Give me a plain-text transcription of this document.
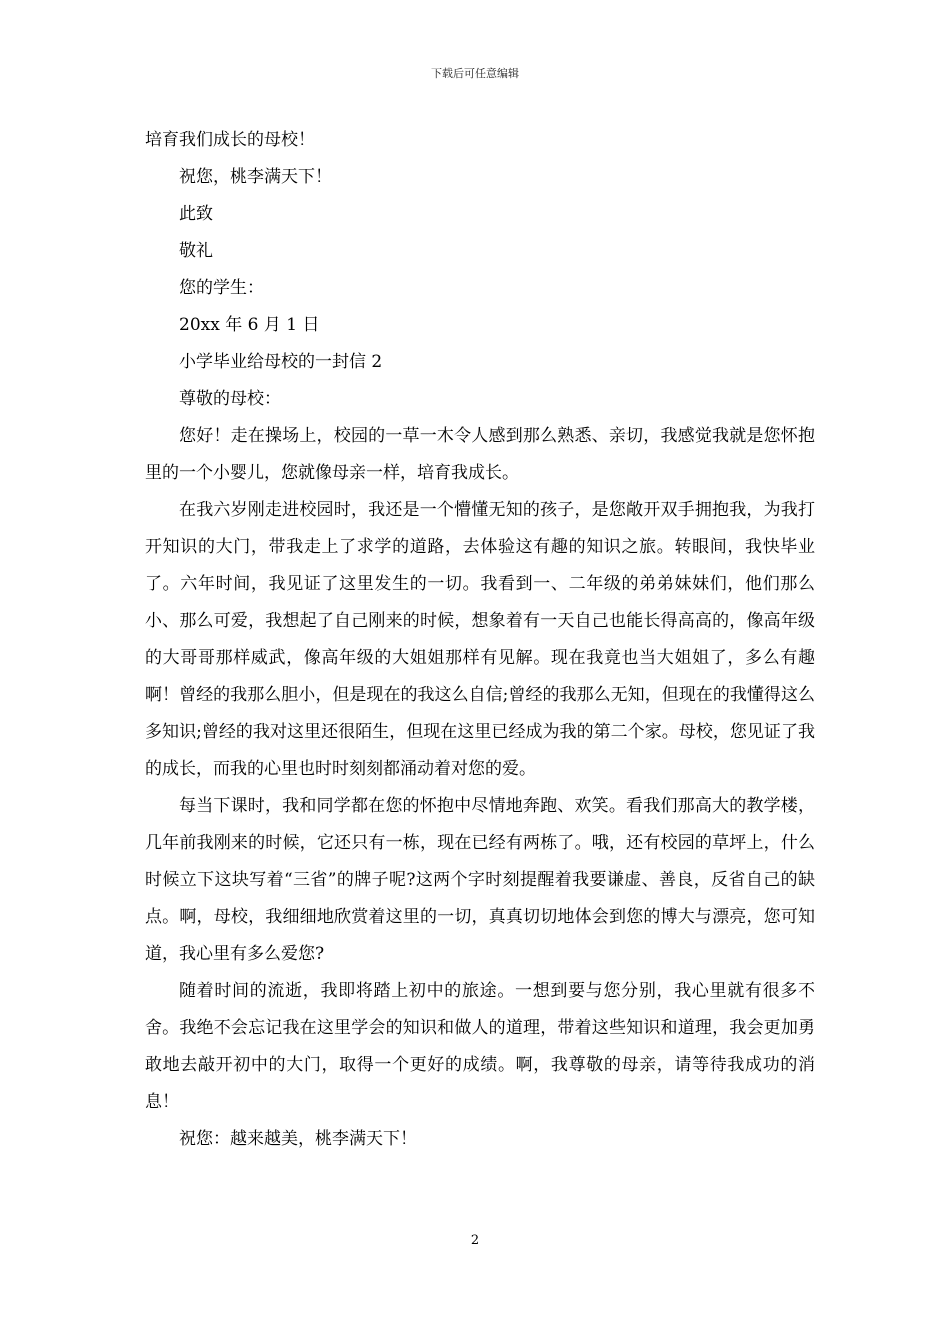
下载后可任意编辑

培育我们成长的母校！

祝您，桃李满天下！

此致

敬礼

您的学生：

20xx 年 6 月 1 日

小学毕业给母校的一封信 2

尊敬的母校：

您好！走在操场上，校园的一草一木令人感到那么熟悉、亲切，我感觉我就是您怀抱里的一个小婴儿，您就像母亲一样，培育我成长。

在我六岁刚走进校园时，我还是一个懵懂无知的孩子，是您敞开双手拥抱我，为我打开知识的大门，带我走上了求学的道路，去体验这有趣的知识之旅。转眼间，我快毕业了。六年时间，我见证了这里发生的一切。我看到一、二年级的弟弟妹妹们，他们那么小、那么可爱，我想起了自己刚来的时候，想象着有一天自己也能长得高高的，像高年级的大哥哥那样威武，像高年级的大姐姐那样有见解。现在我竟也当大姐姐了，多么有趣啊！曾经的我那么胆小，但是现在的我这么自信;曾经的我那么无知，但现在的我懂得这么多知识;曾经的我对这里还很陌生，但现在这里已经成为我的第二个家。母校，您见证了我的成长，而我的心里也时时刻刻都涌动着对您的爱。

每当下课时，我和同学都在您的怀抱中尽情地奔跑、欢笑。看我们那高大的教学楼，几年前我刚来的时候，它还只有一栋，现在已经有两栋了。哦，还有校园的草坪上，什么时候立下这块写着“三省”的牌子呢?这两个字时刻提醒着我要谦虚、善良，反省自己的缺点。啊，母校，我细细地欣赏着这里的一切，真真切切地体会到您的博大与漂亮，您可知道，我心里有多么爱您?

随着时间的流逝，我即将踏上初中的旅途。一想到要与您分别，我心里就有很多不舍。我绝不会忘记我在这里学会的知识和做人的道理，带着这些知识和道理，我会更加勇敢地去敲开初中的大门，取得一个更好的成绩。啊，我尊敬的母亲，请等待我成功的消息！

祝您：越来越美，桃李满天下！

2
